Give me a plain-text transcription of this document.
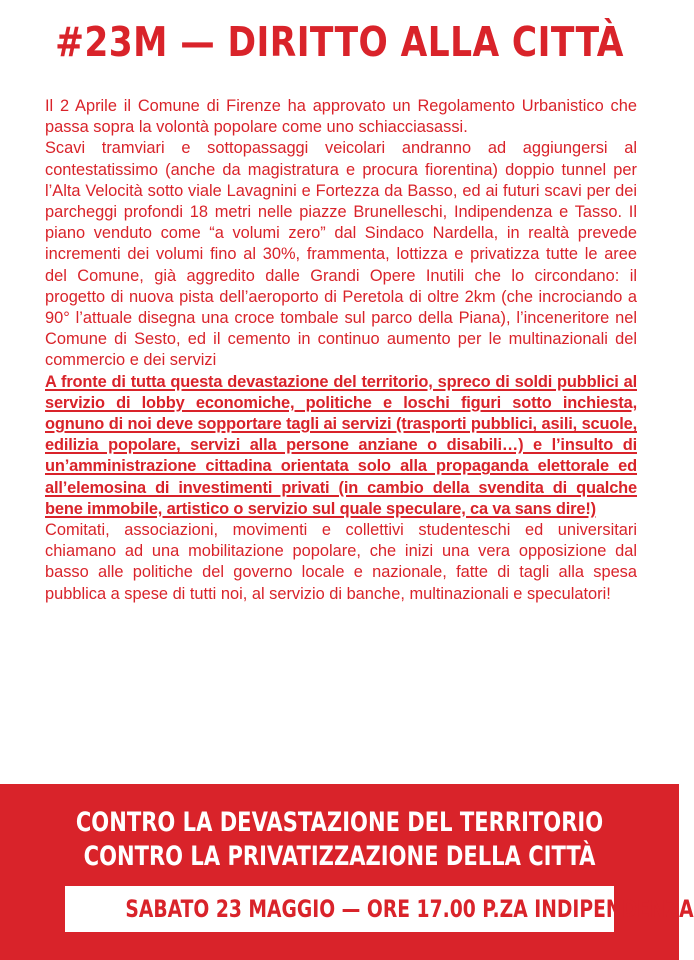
#23M — DIRITTO ALLA CITTÀ

Il 2 Aprile il Comune di Firenze ha approvato un Regolamento Urbanistico che passa sopra la volontà popolare come uno schiacciasassi.

Scavi tramviari e sottopassaggi veicolari andranno ad aggiungersi al contestatissimo (anche da magistratura e procura fiorentina) doppio tunnel per l’Alta Velocità sotto viale Lavagnini e Fortezza da Basso, ed ai futuri scavi per dei parcheggi profondi 18 metri nelle piazze Brunelleschi, Indipendenza e Tasso. Il piano venduto come “a volumi zero” dal Sindaco Nardella, in realtà prevede incrementi dei volumi fino al 30%, frammenta, lottizza e privatizza tutte le aree del Comune, già aggredito dalle Grandi Opere Inutili che lo circondano: il progetto di nuova pista dell’aeroporto di Peretola di oltre 2km (che incrociando a 90° l’attuale disegna una croce tombale sul parco della Piana), l’inceneritore nel Comune di Sesto, ed il cemento in continuo aumento per le multinazionali del commercio e dei servizi

A fronte di tutta questa devastazione del territorio, spreco di soldi pubblici al servizio di lobby economiche, politiche e loschi figuri sotto inchiesta, ognuno di noi deve sopportare tagli ai servizi (trasporti pubblici, asili, scuole, edilizia popolare, servizi alla persone anziane o disabili…) e l’insulto di un’amministrazione cittadina orientata solo alla propaganda elettorale ed all’elemosina di investimenti privati (in cambio della svendita di qualche bene immobile, artistico o servizio sul quale speculare, ca va sans dire!)

Comitati, associazioni, movimenti e collettivi studenteschi ed universitari chiamano ad una mobilitazione popolare, che inizi una vera opposizione dal basso alle politiche del governo locale e nazionale, fatte di tagli alla spesa pubblica a spese di tutti noi, al servizio di banche, multinazionali e speculatori!

CONTRO LA DEVASTAZIONE DEL TERRITORIO
CONTRO LA PRIVATIZZAZIONE DELLA CITTÀ
SABATO 23 MAGGIO — ORE 17.00 P.ZA INDIPENDENZA
